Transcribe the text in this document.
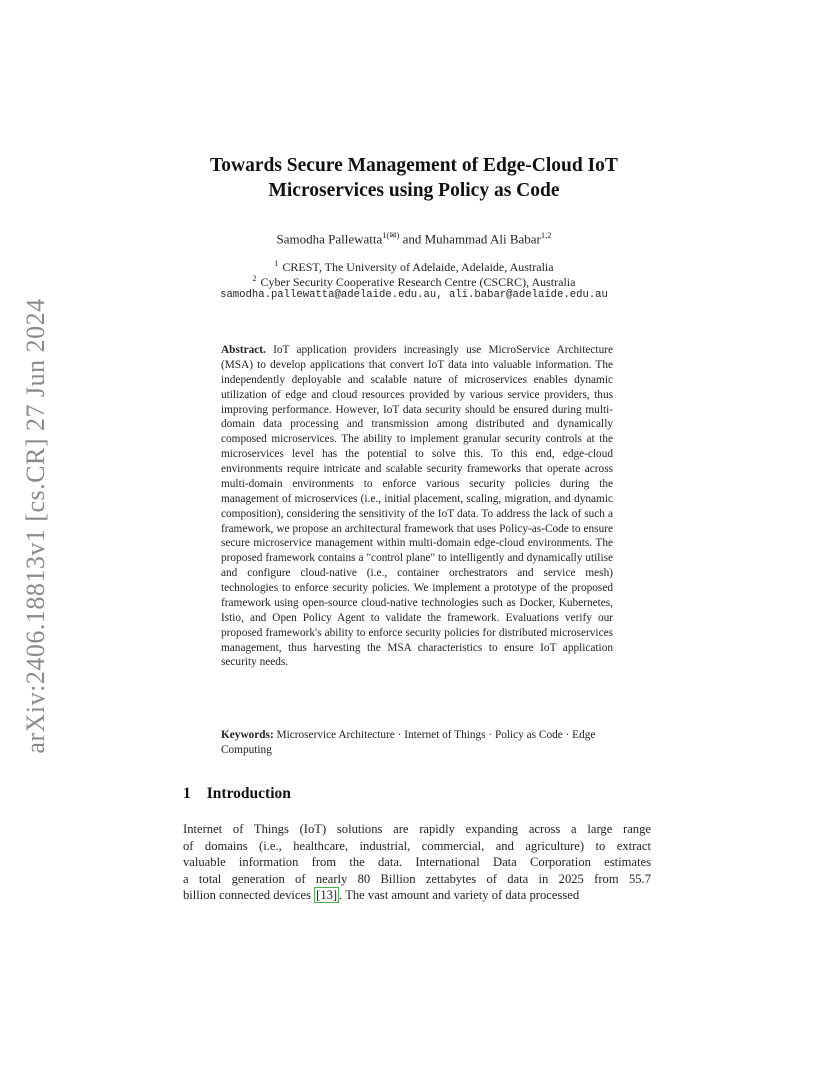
arXiv:2406.18813v1 [cs.CR] 27 Jun 2024
Towards Secure Management of Edge-Cloud IoT
Microservices using Policy as Code
Samodha Pallewatta$^{1(✉)}$ and Muhammad Ali Babar$^{1,2}$
$^1$ CREST, The University of Adelaide, Adelaide, Australia
$^2$ Cyber Security Cooperative Research Centre (CSCRC), Australia
samodha.pallewatta@adelaide.edu.au, ali.babar@adelaide.edu.au
Abstract. IoT application providers increasingly use MicroService Architecture (MSA) to develop applications that convert IoT data into valuable information. The independently deployable and scalable nature of microservices enables dynamic utilization of edge and cloud resources provided by various service providers, thus improving performance. However, IoT data security should be ensured during multi-domain data processing and transmission among distributed and dynamically composed microservices. The ability to implement granular security controls at the microservices level has the potential to solve this. To this end, edge-cloud environments require intricate and scalable security frameworks that operate across multi-domain environments to enforce various security policies during the management of microservices (i.e., initial placement, scaling, migration, and dynamic composition), considering the sensitivity of the IoT data. To address the lack of such a framework, we propose an architectural framework that uses Policy-as-Code to ensure secure microservice management within multi-domain edge-cloud environments. The proposed framework contains a "control plane" to intelligently and dynamically utilise and configure cloud-native (i.e., container orchestrators and service mesh) technologies to enforce security policies. We implement a prototype of the proposed framework using open-source cloud-native technologies such as Docker, Kubernetes, Istio, and Open Policy Agent to validate the framework. Evaluations verify our proposed framework's ability to enforce security policies for distributed microservices management, thus harvesting the MSA characteristics to ensure IoT application security needs.
Keywords: Microservice Architecture · Internet of Things · Policy as Code · Edge Computing
1 Introduction
Internet of Things (IoT) solutions are rapidly expanding across a large range
of domains (i.e., healthcare, industrial, commercial, and agriculture) to extract
valuable information from the data. International Data Corporation estimates
a total generation of nearly 80 Billion zettabytes of data in 2025 from 55.7
billion connected devices [13] . The vast amount and variety of data processed
